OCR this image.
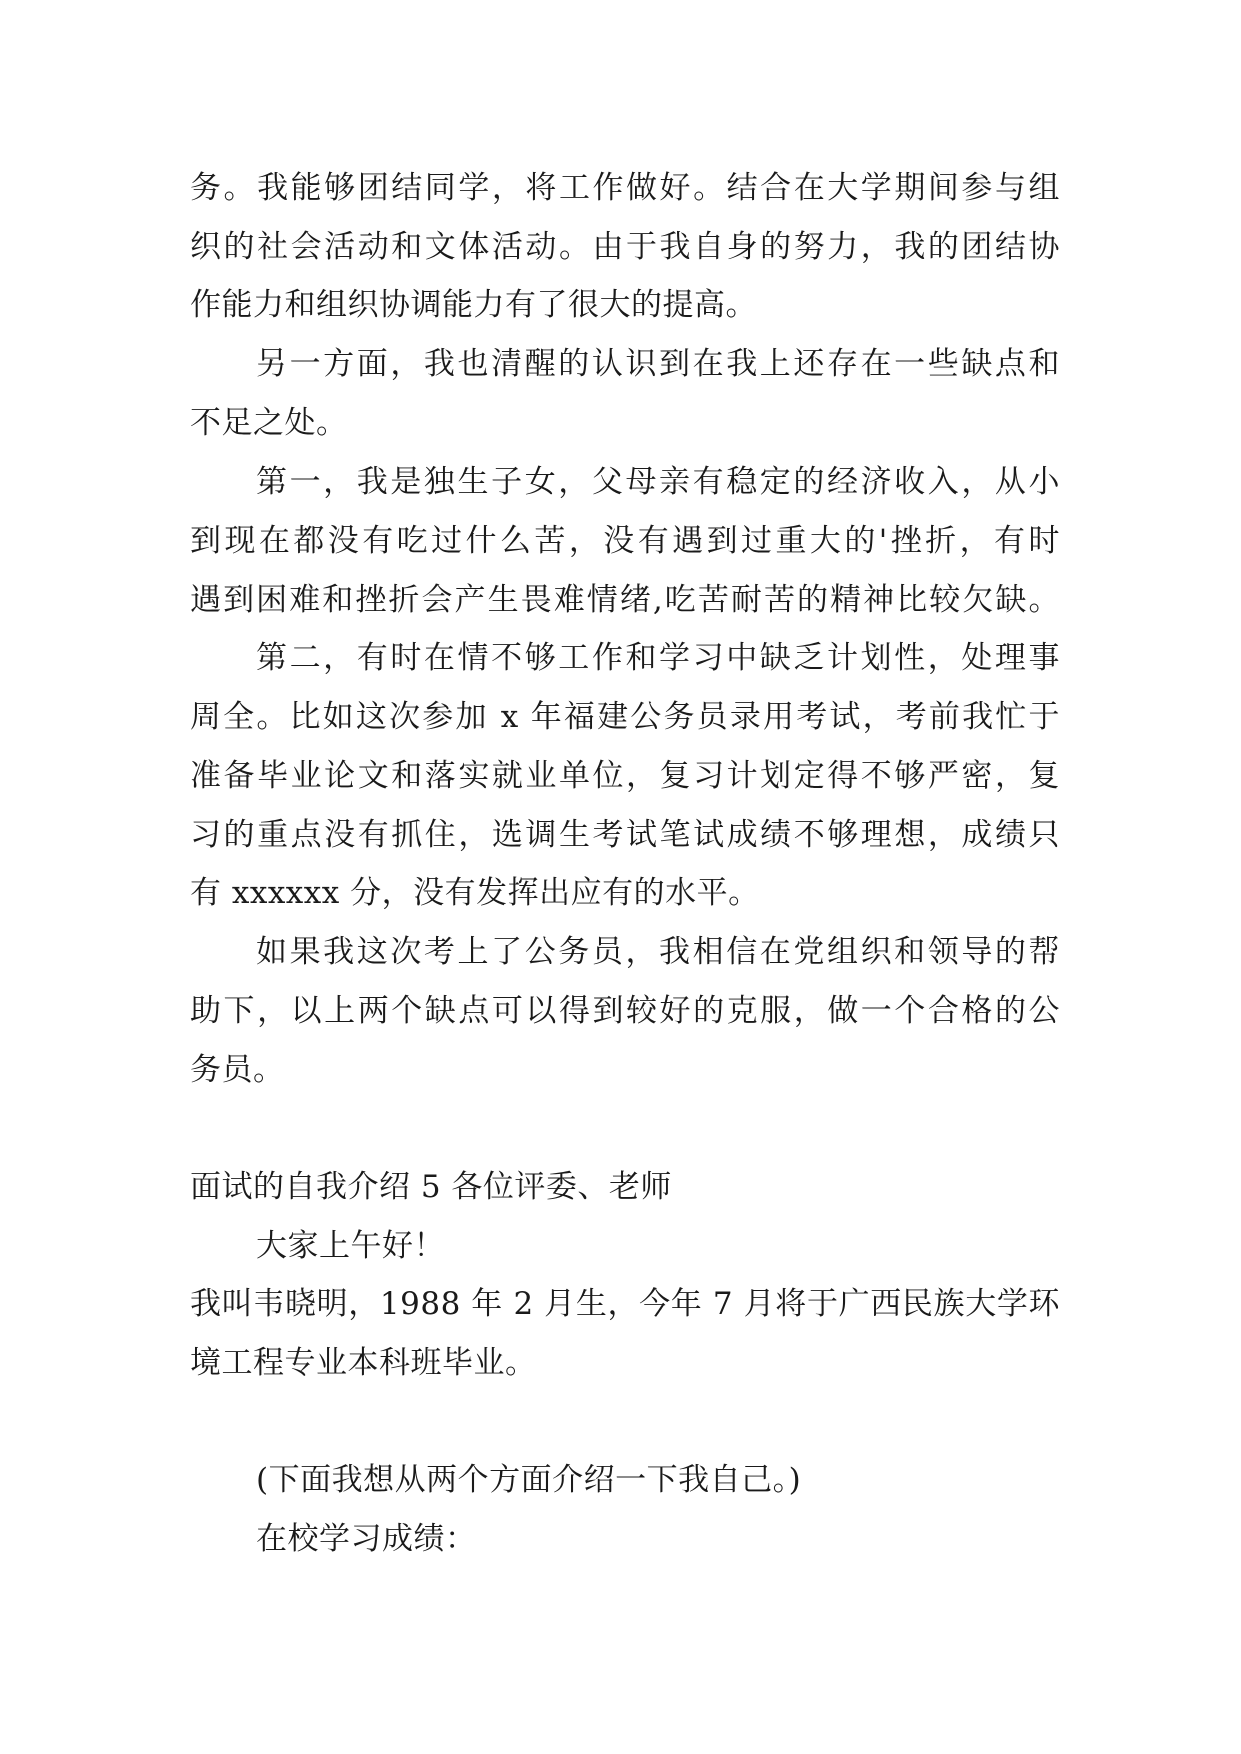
务。我能够团结同学，将工作做好。结合在大学期间参与组
织的社会活动和文体活动。由于我自身的努力，我的团结协
作能力和组织协调能力有了很大的提高。
另一方面，我也清醒的认识到在我上还存在一些缺点和
不足之处。
第一，我是独生子女，父母亲有稳定的经济收入，从小
到现在都没有吃过什么苦，没有遇到过重大的'挫折，有时
遇到困难和挫折会产生畏难情绪,吃苦耐苦的精神比较欠缺。
第二，有时在情不够工作和学习中缺乏计划性，处理事
周全。比如这次参加 x 年福建公务员录用考试，考前我忙于
准备毕业论文和落实就业单位，复习计划定得不够严密，复
习的重点没有抓住，选调生考试笔试成绩不够理想，成绩只
有 xxxxxx 分，没有发挥出应有的水平。
如果我这次考上了公务员，我相信在党组织和领导的帮
助下，以上两个缺点可以得到较好的克服，做一个合格的公
务员。
面试的自我介绍 5 各位评委、老师
大家上午好！
我叫韦晓明，1988 年 2 月生，今年 7 月将于广西民族大学环
境工程专业本科班毕业。
(下面我想从两个方面介绍一下我自己。)
在校学习成绩：
